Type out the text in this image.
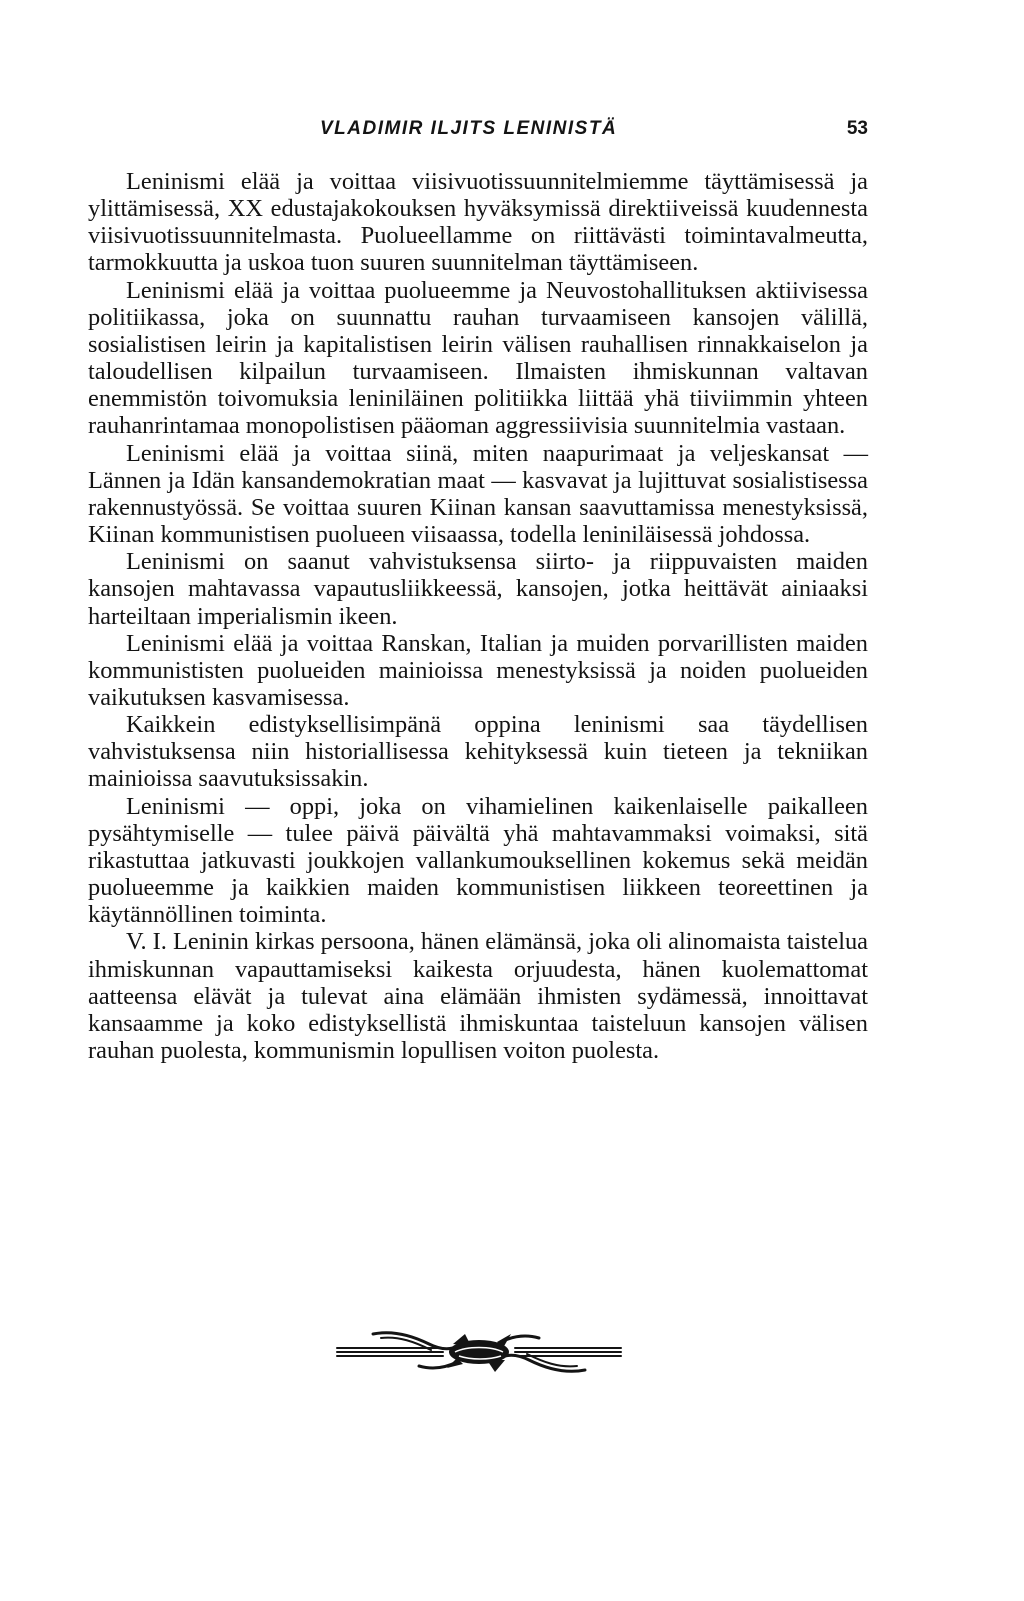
VLADIMIR ILJITS LENINISTÄ	53

Leninismi elää ja voittaa viisivuotissuunnitelmiemme täyttämisessä ja ylittämisessä, XX edustajakokouksen hyväksymissä direktiiveissä kuudennesta viisivuotissuunnitelmasta. Puolueellamme on riittävästi toimintavalmeutta, tarmokkuutta ja uskoa tuon suuren suunnitelman täyttämiseen.

Leninismi elää ja voittaa puolueemme ja Neuvostohallituksen aktiivisessa politiikassa, joka on suunnattu rauhan turvaamiseen kansojen välillä, sosialistisen leirin ja kapitalistisen leirin välisen rauhallisen rinnakkaiselon ja taloudellisen kilpailun turvaamiseen. Ilmaisten ihmiskunnan valtavan enemmistön toivomuksia leniniläinen politiikka liittää yhä tiiviimmin yhteen rauhanrintamaa monopolistisen pääoman aggressiivisia suunnitelmia vastaan.

Leninismi elää ja voittaa siinä, miten naapurimaat ja veljeskansat — Lännen ja Idän kansandemokratian maat — kasvavat ja lujittuvat sosialistisessa rakennustyössä. Se voittaa suuren Kiinan kansan saavuttamissa menestyksissä, Kiinan kommunistisen puolueen viisaassa, todella leniniläisessä johdossa.

Leninismi on saanut vahvistuksensa siirto- ja riippuvaisten maiden kansojen mahtavassa vapautusliikkeessä, kansojen, jotka heittävät ainiaaksi harteiltaan imperialismin ikeen.

Leninismi elää ja voittaa Ranskan, Italian ja muiden porvarillisten maiden kommunististen puolueiden mainioissa menestyksissä ja noiden puolueiden vaikutuksen kasvamisessa.

Kaikkein edistyksellisimpänä oppina leninismi saa täydellisen vahvistuksensa niin historiallisessa kehityksessä kuin tieteen ja tekniikan mainioissa saavutuksissakin.

Leninismi — oppi, joka on vihamielinen kaikenlaiselle paikalleen pysähtymiselle — tulee päivä päivältä yhä mahtavammaksi voimaksi, sitä rikastuttaa jatkuvasti joukkojen vallankumouksellinen kokemus sekä meidän puolueemme ja kaikkien maiden kommunistisen liikkeen teoreettinen ja käytännöllinen toiminta.

V. I. Leninin kirkas persoona, hänen elämänsä, joka oli alinomaista taistelua ihmiskunnan vapauttamiseksi kaikesta orjuudesta, hänen kuolemattomat aatteensa elävät ja tulevat aina elämään ihmisten sydämessä, innoittavat kansaamme ja koko edistyksellistä ihmiskuntaa taisteluun kansojen välisen rauhan puolesta, kommunismin lopullisen voiton puolesta.
